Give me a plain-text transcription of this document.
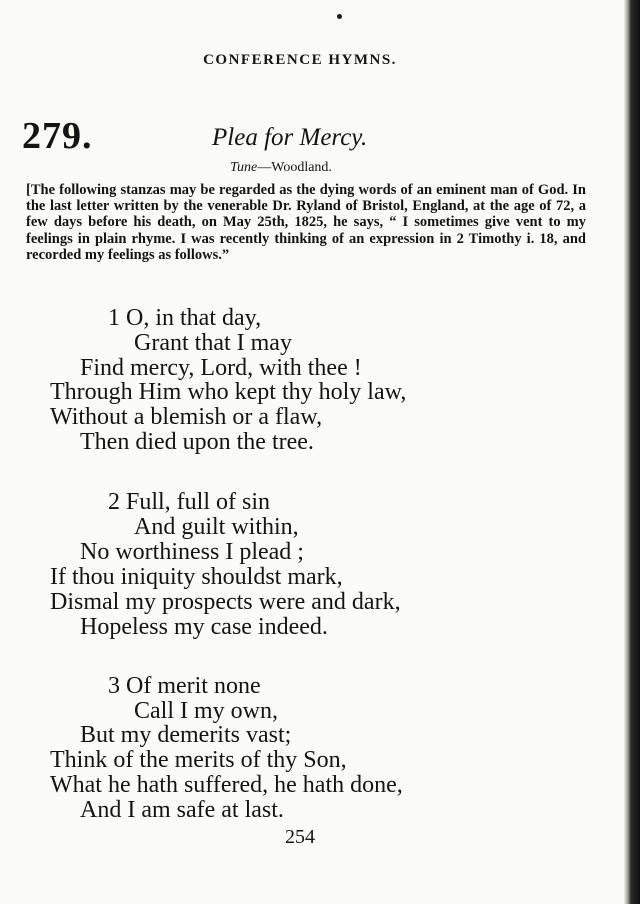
CONFERENCE HYMNS.
279.	Plea for Mercy.
Tune—Woodland.
[The following stanzas may be regarded as the dying words of an eminent man of God. In the last letter written by the venerable Dr. Ryland of Bristol, England, at the age of 72, a few days before his death, on May 25th, 1825, he says, “ I sometimes give vent to my feelings in plain rhyme. I was recently thinking of an expression in 2 Timothy i. 18, and recorded my feelings as follows.”
1 O, in that day,
Grant that I may
Find mercy, Lord, with thee !
Through Him who kept thy holy law,
Without a blemish or a flaw,
Then died upon the tree.
2 Full, full of sin
And guilt within,
No worthiness I plead ;
If thou iniquity shouldst mark,
Dismal my prospects were and dark,
Hopeless my case indeed.
3 Of merit none
Call I my own,
But my demerits vast;
Think of the merits of thy Son,
What he hath suffered, he hath done,
And I am safe at last.
254
